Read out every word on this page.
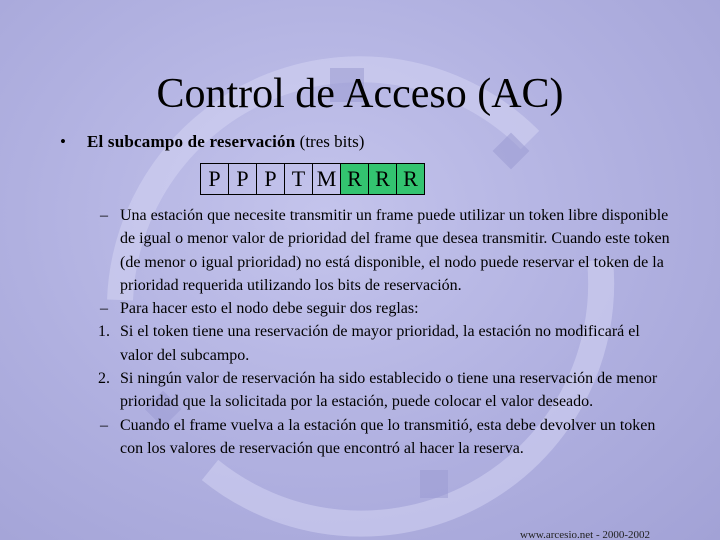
Control de Acceso (AC)
• El subcampo de reservación (tres bits)
P	P	P	T	M	R	R	R
– Una estación que necesite transmitir un frame puede utilizar un token libre disponible de igual o menor valor de prioridad del frame que desea transmitir. Cuando este token (de menor o igual prioridad) no está disponible, el nodo puede reservar el token de la prioridad requerida utilizando los bits de reservación.
– Para hacer esto el nodo debe seguir dos reglas:
1. Si el token tiene una reservación de mayor prioridad, la estación no modificará el valor del subcampo.
2. Si ningún valor de reservación ha sido establecido o tiene una reservación de menor prioridad que la solicitada por la estación, puede colocar el valor deseado.
– Cuando el frame vuelva a la estación que lo transmitió, esta debe devolver un token con los valores de reservación que encontró al hacer la reserva.
www.arcesio.net - 2000-2002
